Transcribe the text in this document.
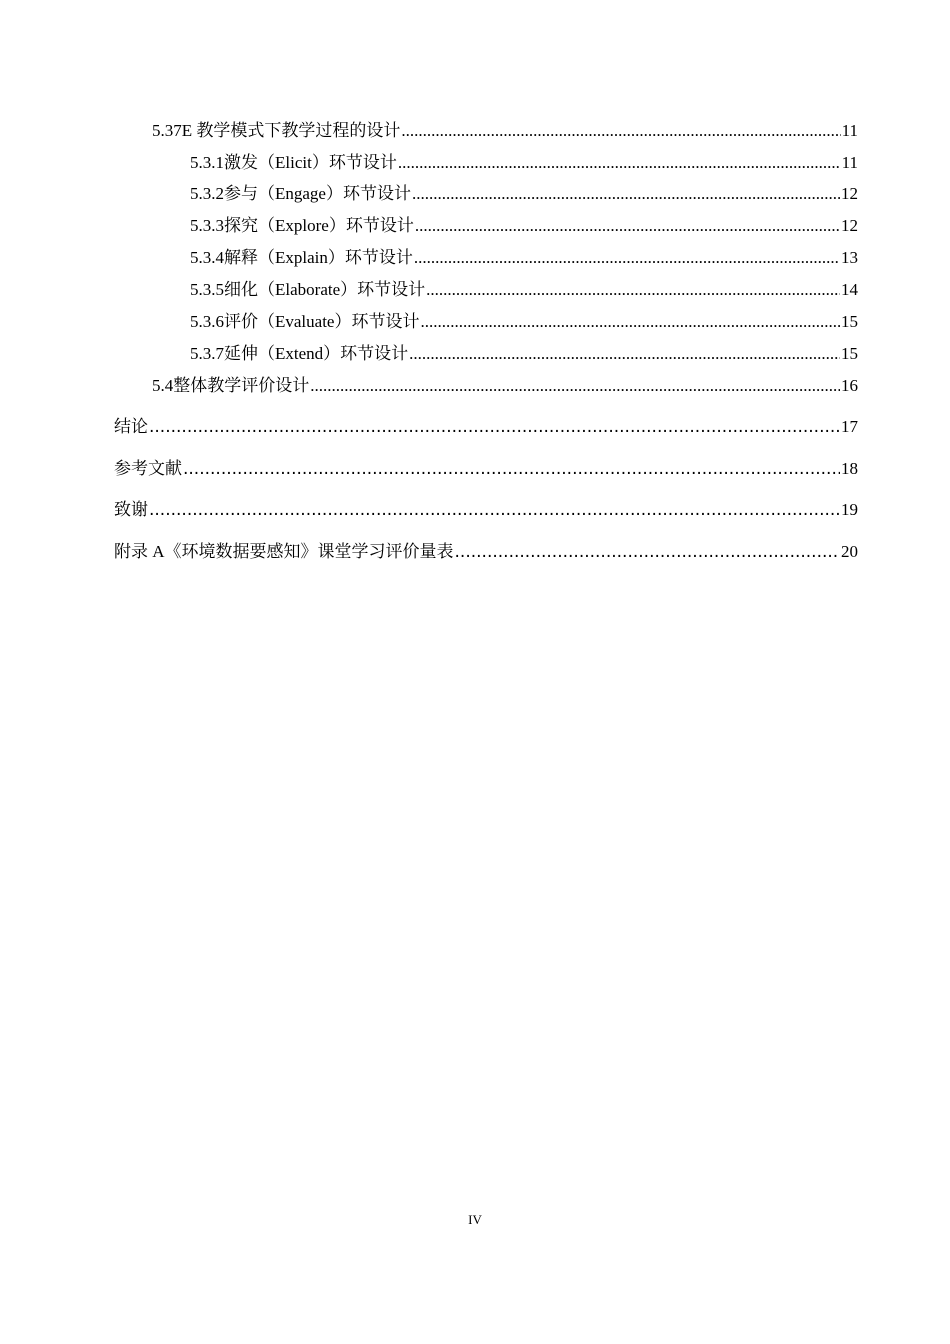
5.3 7E 教学模式下教学过程的设计 .....	11
5.3.1 激发（Elicit）环节设计 .....	11
5.3.2 参与（Engage）环节设计 .....	12
5.3.3 探究（Explore）环节设计 .....	12
5.3.4 解释（Explain）环节设计 .....	13
5.3.5 细化（Elaborate）环节设计 .....	14
5.3.6 评价（Evaluate）环节设计 .....	15
5.3.7 延伸（Extend）环节设计 .....	15
5.4 整体教学评价设计 .....	16
结论 .....	17
参考文献 .....	18
致谢 .....	19
附录 A 《环境数据要感知》课堂学习评价量表 .....	20
IV
